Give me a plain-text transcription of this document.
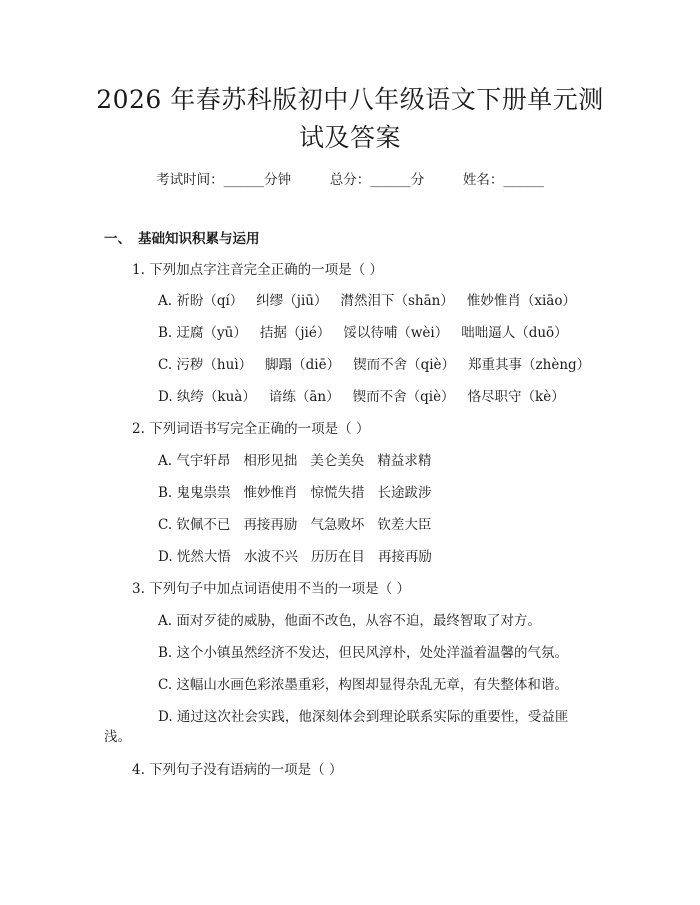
2026 年春苏科版初中八年级语文下册单元测
试及答案
考试时间：______分钟	总分：______分	姓名：______
一、 基础知识积累与运用
1. 下列加点字注音完全正确的一项是（ ）
A. 祈盼（qí） 纠缪（jiū） 潸然泪下（shān） 惟妙惟肖（xiāo）
B. 迂腐（yū） 拮据（jié） 馁以待哺（wèi） 咄咄逼人（duō）
C. 污秽（huì） 脚蹋（diē） 锲而不舍（qiè） 郑重其事（zhèng）
D. 纨绔（kuà） 谙练（ān） 锲而不舍（qiè） 恪尽职守（kè）
2. 下列词语书写完全正确的一项是（ ）
A. 气宇轩昂 相形见拙 美仑美奂 精益求精
B. 鬼鬼祟祟 惟妙惟肖 惊慌失措 长途跋涉
C. 钦佩不已 再接再励 气急败坏 钦差大臣
D. 恍然大悟 水波不兴 历历在目 再接再励
3. 下列句子中加点词语使用不当的一项是（ ）
A. 面对歹徒的威胁，他面不改色，从容不迫，最终智取了对方。
B. 这个小镇虽然经济不发达，但民风淳朴，处处洋溢着温馨的气氛。
C. 这幅山水画色彩浓墨重彩，构图却显得杂乱无章，有失整体和谐。
D. 通过这次社会实践，他深刻体会到理论联系实际的重要性，受益匪
浅。
4. 下列句子没有语病的一项是（ ）
